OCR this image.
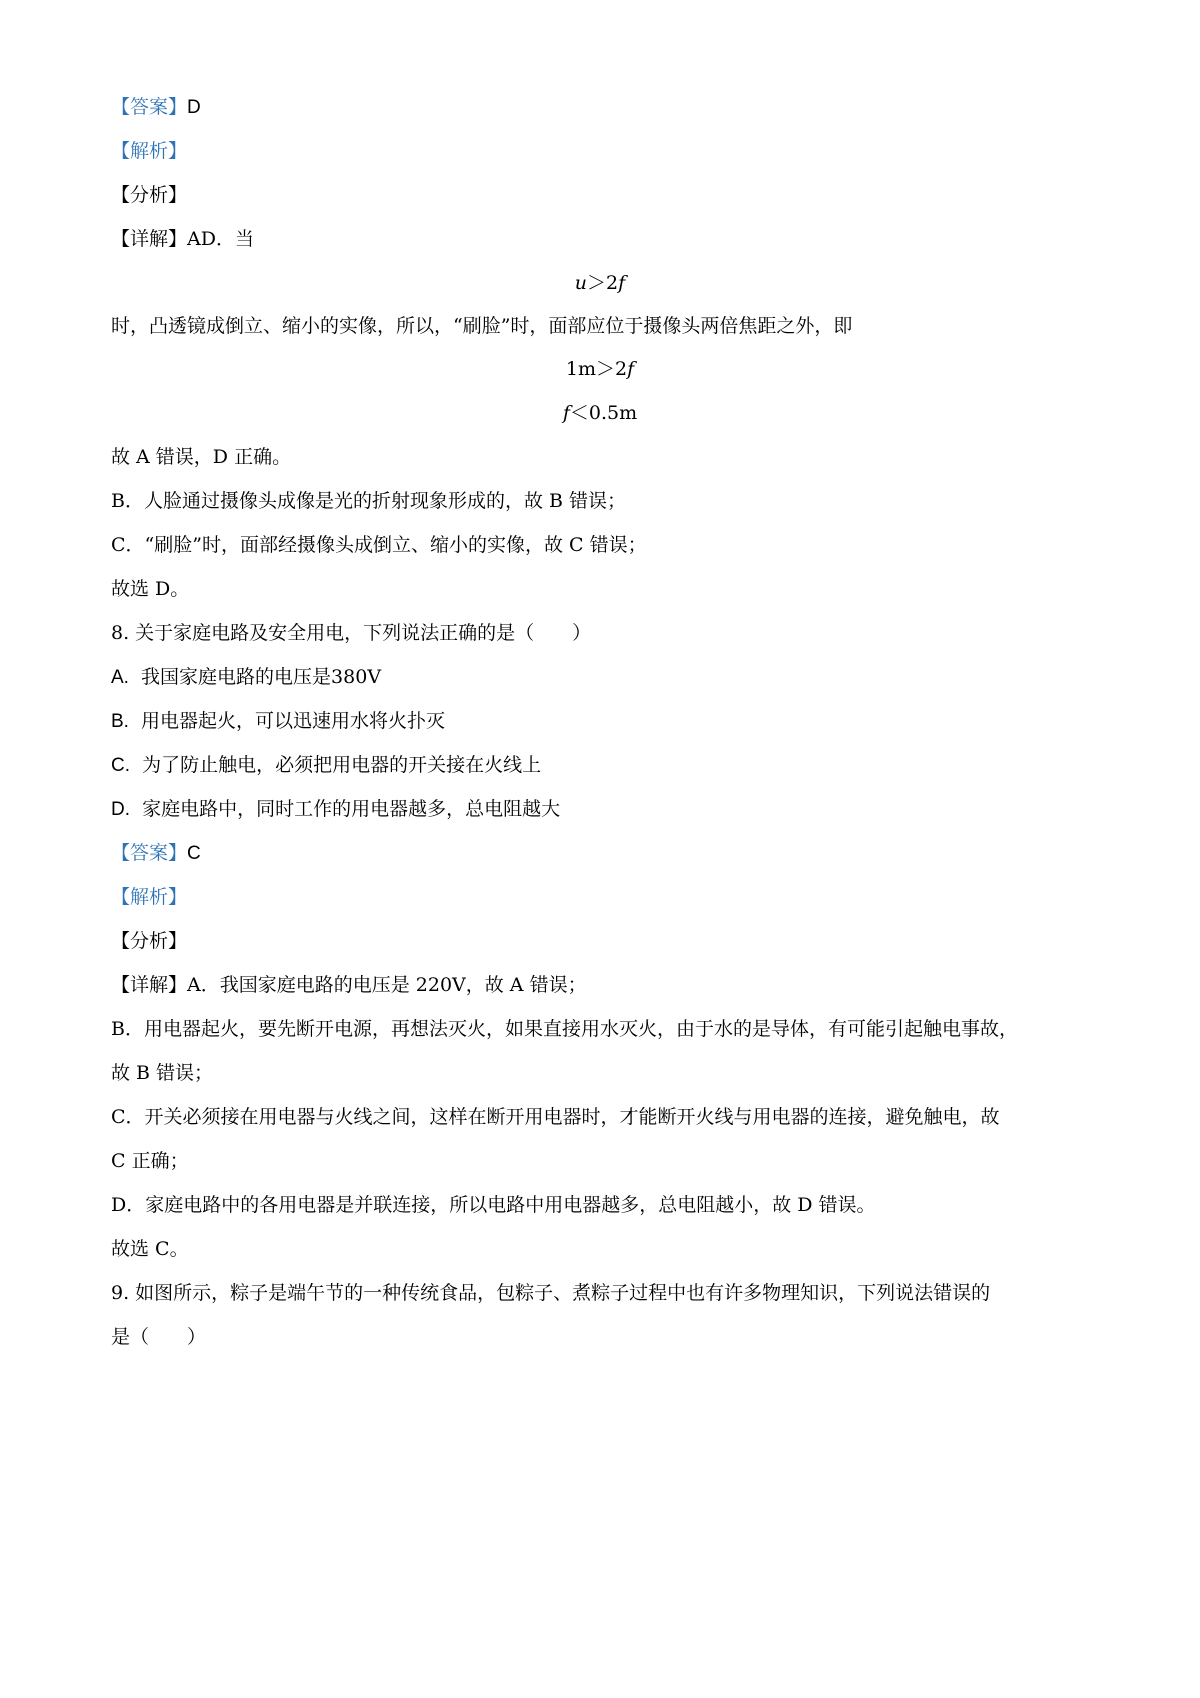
【答案】D
【解析】
【分析】
【详解】AD．当
u＞2f
时，凸透镜成倒立、缩小的实像，所以，“刷脸”时，面部应位于摄像头两倍焦距之外，即
1m＞2f
f＜0.5m
故 A 错误，D 正确。
B．人脸通过摄像头成像是光的折射现象形成的，故 B 错误；
C．“刷脸”时，面部经摄像头成倒立、缩小的实像，故 C 错误；
故选 D。
8. 关于家庭电路及安全用电，下列说法正确的是（　　）
A. 我国家庭电路的电压是380V
B. 用电器起火，可以迅速用水将火扑灭
C. 为了防止触电，必须把用电器的开关接在火线上
D. 家庭电路中，同时工作的用电器越多，总电阻越大
【答案】C
【解析】
【分析】
【详解】A．我国家庭电路的电压是 220V，故 A 错误；
B．用电器起火，要先断开电源，再想法灭火，如果直接用水灭火，由于水的是导体，有可能引起触电事故，
故 B 错误；
C．开关必须接在用电器与火线之间，这样在断开用电器时，才能断开火线与用电器的连接，避免触电，故
C 正确；
D．家庭电路中的各用电器是并联连接，所以电路中用电器越多，总电阻越小，故 D 错误。
故选 C。
9. 如图所示，粽子是端午节的一种传统食品，包粽子、煮粽子过程中也有许多物理知识，下列说法错误的
是（　　）
